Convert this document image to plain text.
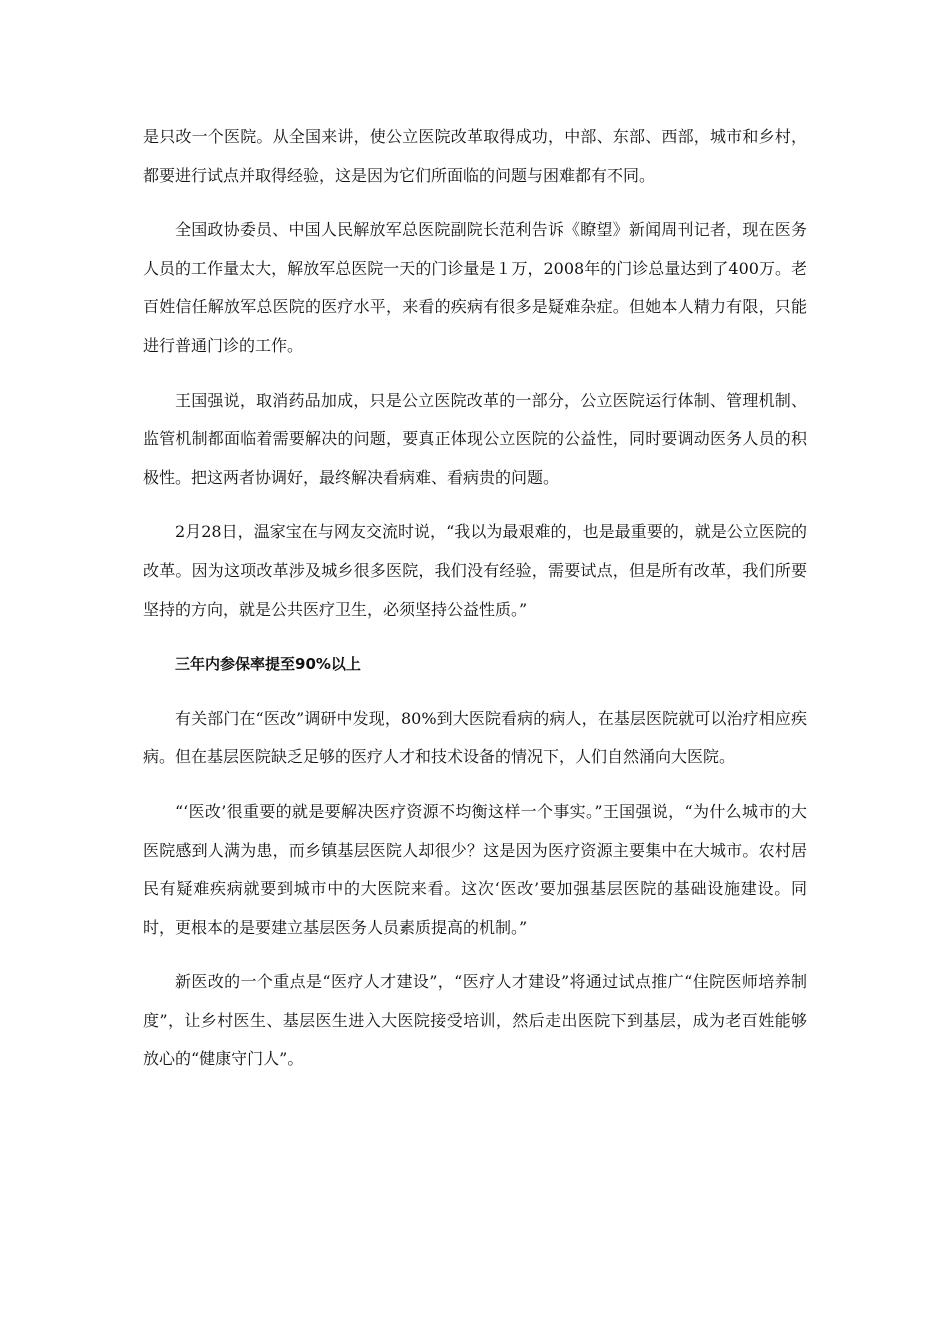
是只改一个医院。从全国来讲，使公立医院改革取得成功，中部、东部、西部，城市和乡村，都要进行试点并取得经验，这是因为它们所面临的问题与困难都有不同。

全国政协委员、中国人民解放军总医院副院长范利告诉《瞭望》新闻周刊记者，现在医务人员的工作量太大，解放军总医院一天的门诊量是１万，2008年的门诊总量达到了400万。老百姓信任解放军总医院的医疗水平，来看的疾病有很多是疑难杂症。但她本人精力有限，只能进行普通门诊的工作。

王国强说，取消药品加成，只是公立医院改革的一部分，公立医院运行体制、管理机制、监管机制都面临着需要解决的问题，要真正体现公立医院的公益性，同时要调动医务人员的积极性。把这两者协调好，最终解决看病难、看病贵的问题。

2月28日，温家宝在与网友交流时说，“我以为最艰难的，也是最重要的，就是公立医院的改革。因为这项改革涉及城乡很多医院，我们没有经验，需要试点，但是所有改革，我们所要坚持的方向，就是公共医疗卫生，必须坚持公益性质。”

三年内参保率提至90%以上

有关部门在“医改”调研中发现，80%到大医院看病的病人，在基层医院就可以治疗相应疾病。但在基层医院缺乏足够的医疗人才和技术设备的情况下，人们自然涌向大医院。

“‘医改’很重要的就是要解决医疗资源不均衡这样一个事实。”王国强说，“为什么城市的大医院感到人满为患，而乡镇基层医院人却很少？这是因为医疗资源主要集中在大城市。农村居民有疑难疾病就要到城市中的大医院来看。这次‘医改’要加强基层医院的基础设施建设。同时，更根本的是要建立基层医务人员素质提高的机制。”

新医改的一个重点是“医疗人才建设”，“医疗人才建设”将通过试点推广“住院医师培养制度”，让乡村医生、基层医生进入大医院接受培训，然后走出医院下到基层，成为老百姓能够放心的“健康守门人”。
